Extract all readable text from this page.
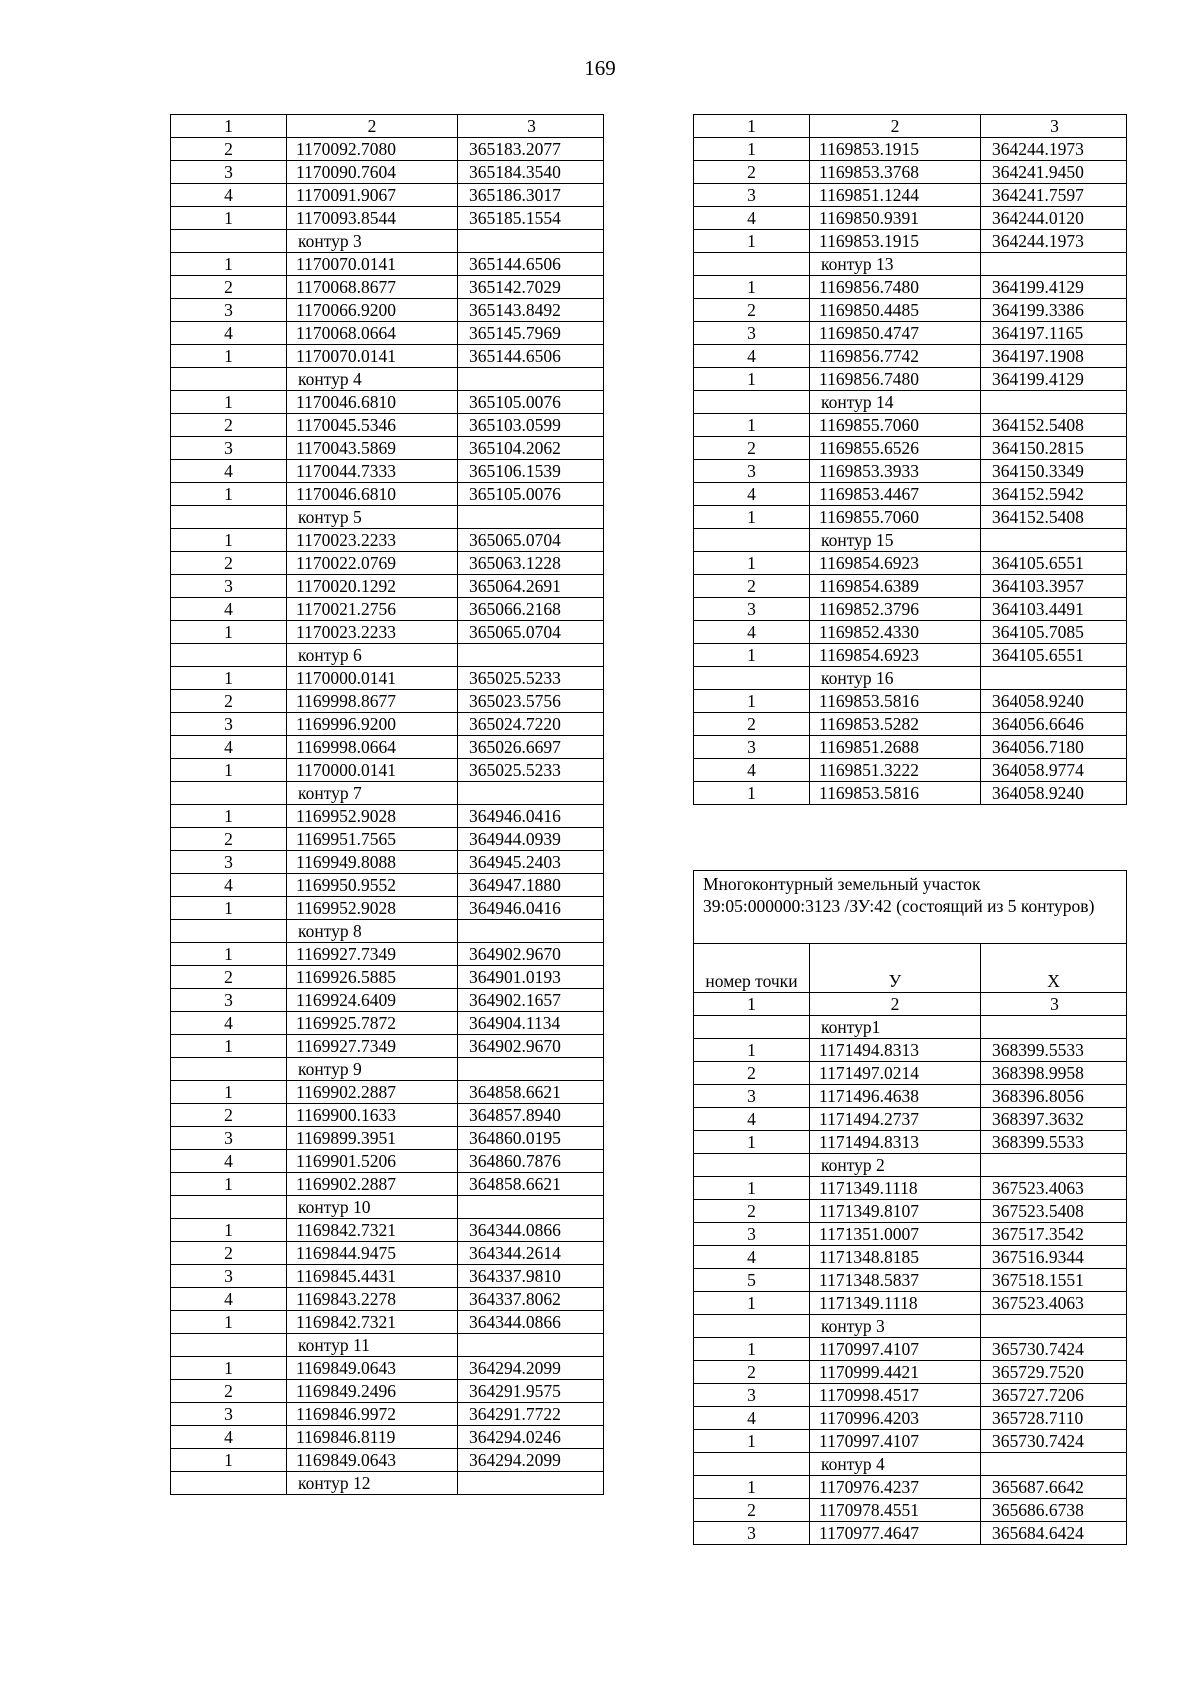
169
1	2	3
2	1170092.7080	365183.2077
3	1170090.7604	365184.3540
4	1170091.9067	365186.3017
1	1170093.8544	365185.1554
	контур 3	
1	1170070.0141	365144.6506
2	1170068.8677	365142.7029
3	1170066.9200	365143.8492
4	1170068.0664	365145.7969
1	1170070.0141	365144.6506
	контур 4	
1	1170046.6810	365105.0076
2	1170045.5346	365103.0599
3	1170043.5869	365104.2062
4	1170044.7333	365106.1539
1	1170046.6810	365105.0076
	контур 5	
1	1170023.2233	365065.0704
2	1170022.0769	365063.1228
3	1170020.1292	365064.2691
4	1170021.2756	365066.2168
1	1170023.2233	365065.0704
	контур 6	
1	1170000.0141	365025.5233
2	1169998.8677	365023.5756
3	1169996.9200	365024.7220
4	1169998.0664	365026.6697
1	1170000.0141	365025.5233
	контур 7	
1	1169952.9028	364946.0416
2	1169951.7565	364944.0939
3	1169949.8088	364945.2403
4	1169950.9552	364947.1880
1	1169952.9028	364946.0416
	контур 8	
1	1169927.7349	364902.9670
2	1169926.5885	364901.0193
3	1169924.6409	364902.1657
4	1169925.7872	364904.1134
1	1169927.7349	364902.9670
	контур 9	
1	1169902.2887	364858.6621
2	1169900.1633	364857.8940
3	1169899.3951	364860.0195
4	1169901.5206	364860.7876
1	1169902.2887	364858.6621
	контур 10	
1	1169842.7321	364344.0866
2	1169844.9475	364344.2614
3	1169845.4431	364337.9810
4	1169843.2278	364337.8062
1	1169842.7321	364344.0866
	контур 11	
1	1169849.0643	364294.2099
2	1169849.2496	364291.9575
3	1169846.9972	364291.7722
4	1169846.8119	364294.0246
1	1169849.0643	364294.2099
	контур 12	
1	2	3
1	1169853.1915	364244.1973
2	1169853.3768	364241.9450
3	1169851.1244	364241.7597
4	1169850.9391	364244.0120
1	1169853.1915	364244.1973
	контур 13	
1	1169856.7480	364199.4129
2	1169850.4485	364199.3386
3	1169850.4747	364197.1165
4	1169856.7742	364197.1908
1	1169856.7480	364199.4129
	контур 14	
1	1169855.7060	364152.5408
2	1169855.6526	364150.2815
3	1169853.3933	364150.3349
4	1169853.4467	364152.5942
1	1169855.7060	364152.5408
	контур 15	
1	1169854.6923	364105.6551
2	1169854.6389	364103.3957
3	1169852.3796	364103.4491
4	1169852.4330	364105.7085
1	1169854.6923	364105.6551
	контур 16	
1	1169853.5816	364058.9240
2	1169853.5282	364056.6646
3	1169851.2688	364056.7180
4	1169851.3222	364058.9774
1	1169853.5816	364058.9240
Многоконтурный земельный участок 39:05:000000:3123 /ЗУ:42 (состоящий из 5 контуров)		
номер точки	У	Х
1	2	3
	контур1	
1	1171494.8313	368399.5533
2	1171497.0214	368398.9958
3	1171496.4638	368396.8056
4	1171494.2737	368397.3632
1	1171494.8313	368399.5533
	контур 2	
1	1171349.1118	367523.4063
2	1171349.8107	367523.5408
3	1171351.0007	367517.3542
4	1171348.8185	367516.9344
5	1171348.5837	367518.1551
1	1171349.1118	367523.4063
	контур 3	
1	1170997.4107	365730.7424
2	1170999.4421	365729.7520
3	1170998.4517	365727.7206
4	1170996.4203	365728.7110
1	1170997.4107	365730.7424
	контур 4	
1	1170976.4237	365687.6642
2	1170978.4551	365686.6738
3	1170977.4647	365684.6424
